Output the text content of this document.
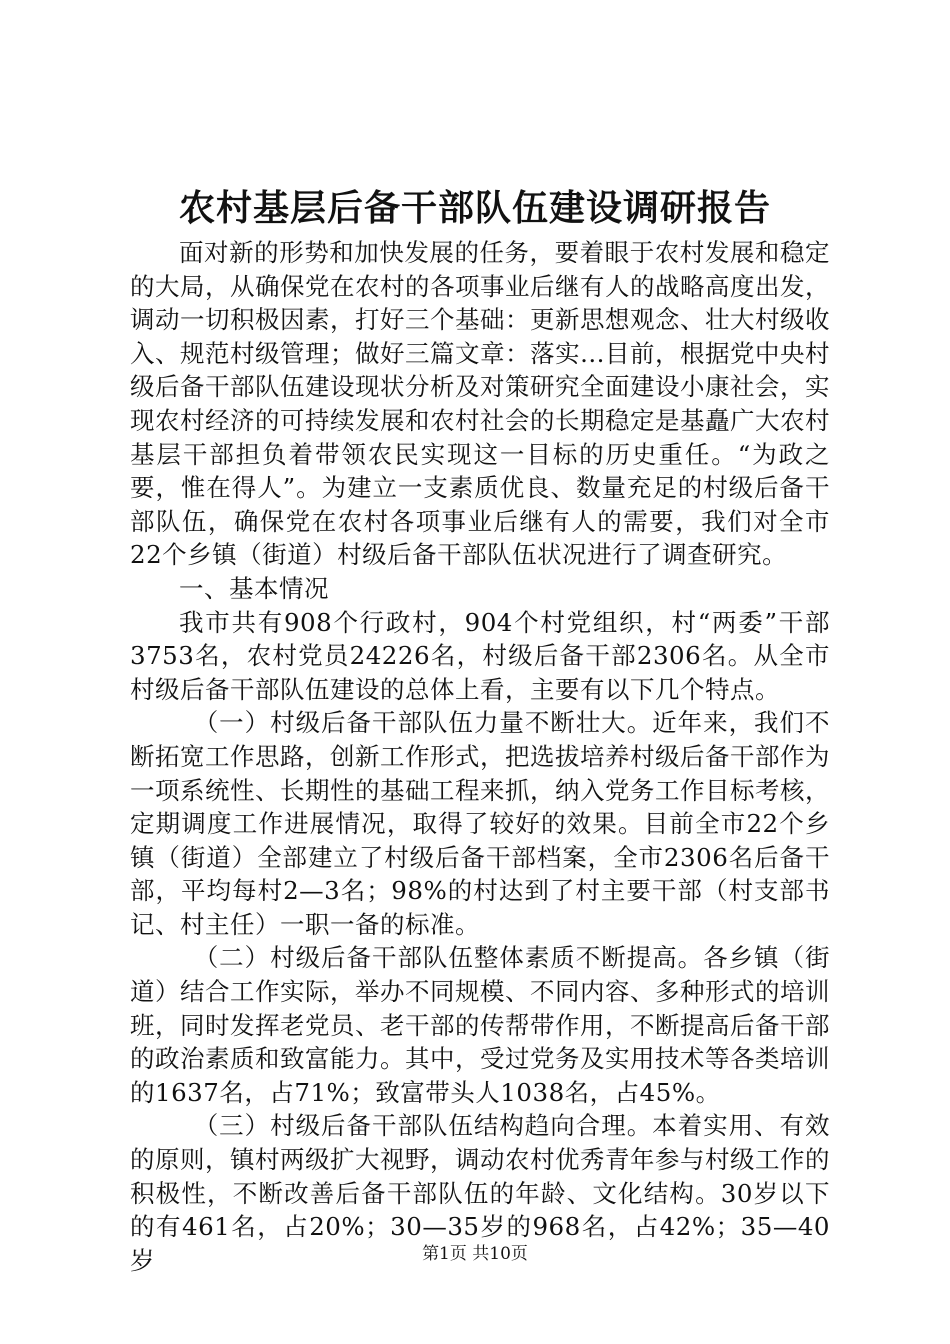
农村基层后备干部队伍建设调研报告

面对新的形势和加快发展的任务，要着眼于农村发展和稳定的大局，从确保党在农村的各项事业后继有人的战略高度出发，调动一切积极因素，打好三个基础：更新思想观念、壮大村级收入、规范村级管理；做好三篇文章：落实...目前，根据党中央村级后备干部队伍建设现状分析及对策研究全面建设小康社会，实现农村经济的可持续发展和农村社会的长期稳定是基矗广大农村基层干部担负着带领农民实现这一目标的历史重任。“为政之要，惟在得人”。为建立一支素质优良、数量充足的村级后备干部队伍，确保党在农村各项事业后继有人的需要，我们对全市22个乡镇（街道）村级后备干部队伍状况进行了调查研究。

一、基本情况

我市共有908个行政村，904个村党组织，村“两委”干部3753名，农村党员24226名，村级后备干部2306名。从全市村级后备干部队伍建设的总体上看，主要有以下几个特点。

（一）村级后备干部队伍力量不断壮大。近年来，我们不断拓宽工作思路，创新工作形式，把选拔培养村级后备干部作为一项系统性、长期性的基础工程来抓，纳入党务工作目标考核，定期调度工作进展情况，取得了较好的效果。目前全市22个乡镇（街道）全部建立了村级后备干部档案，全市2306名后备干部，平均每村2—3名；98%的村达到了村主要干部（村支部书记、村主任）一职一备的标准。

（二）村级后备干部队伍整体素质不断提高。各乡镇（街道）结合工作实际，举办不同规模、不同内容、多种形式的培训班，同时发挥老党员、老干部的传帮带作用，不断提高后备干部的政治素质和致富能力。其中，受过党务及实用技术等各类培训的1637名，占71%；致富带头人1038名，占45%。

（三）村级后备干部队伍结构趋向合理。本着实用、有效的原则，镇村两级扩大视野，调动农村优秀青年参与村级工作的积极性，不断改善后备干部队伍的年龄、文化结构。30岁以下的有461名，占20%；30—35岁的968名，占42%；35—40岁	第1页 共10页
